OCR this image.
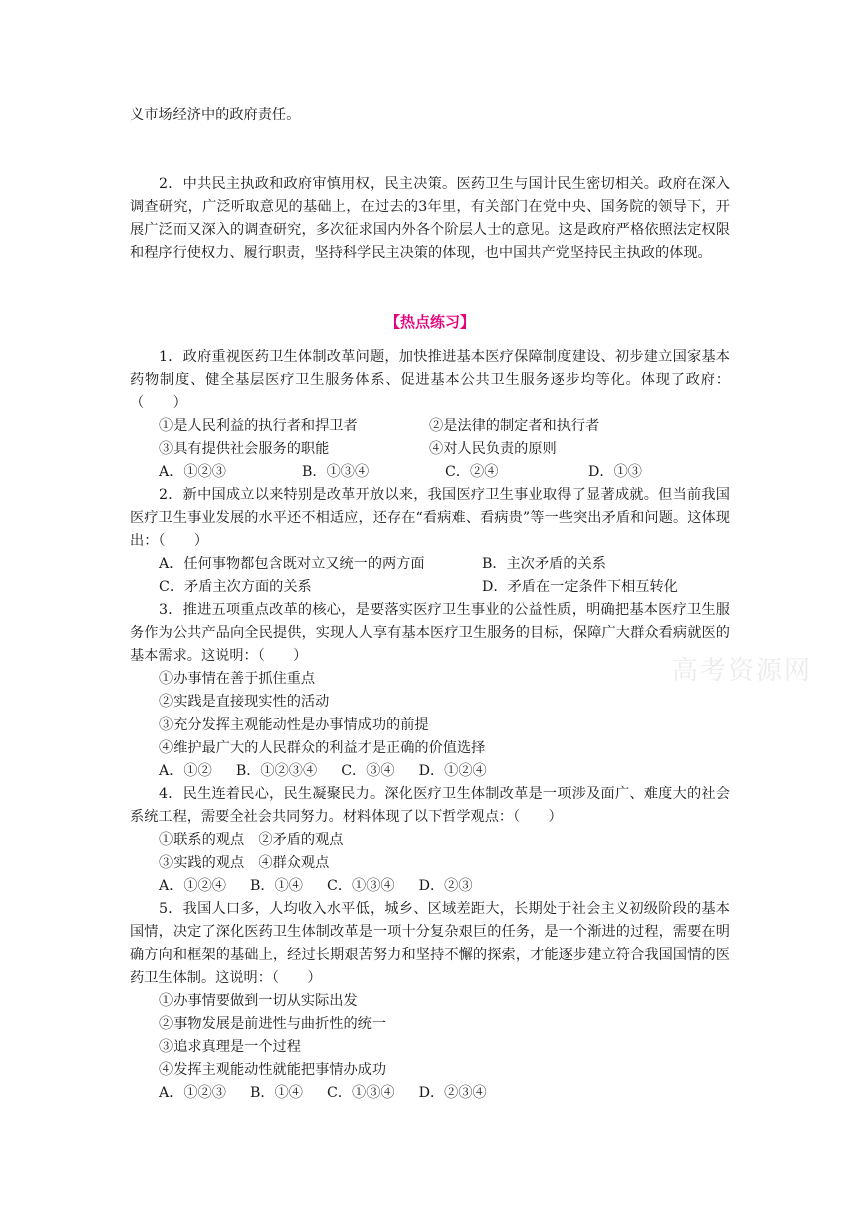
义市场经济中的政府责任。

2．中共民主执政和政府审慎用权，民主决策。医药卫生与国计民生密切相关。政府在深入调查研究，广泛听取意见的基础上，在过去的3年里，有关部门在党中央、国务院的领导下，开展广泛而又深入的调查研究，多次征求国内外各个阶层人士的意见。这是政府严格依照法定权限和程序行使权力、履行职责，坚持科学民主决策的体现，也中国共产党坚持民主执政的体现。

【热点练习】

1．政府重视医药卫生体制改革问题，加快推进基本医疗保障制度建设、初步建立国家基本药物制度、健全基层医疗卫生服务体系、促进基本公共卫生服务逐步均等化。体现了政府：（　　）

①是人民利益的执行者和捍卫者	②是法律的制定者和执行者
③具有提供社会服务的职能	④对人民负责的原则
A．①②③	B．①③④	C．②④	D．①③

2．新中国成立以来特别是改革开放以来，我国医疗卫生事业取得了显著成就。但当前我国医疗卫生事业发展的水平还不相适应，还存在“看病难、看病贵”等一些突出矛盾和问题。这体现出：（　　）

A．任何事物都包含既对立又统一的两方面	B．主次矛盾的关系
C．矛盾主次方面的关系	D．矛盾在一定条件下相互转化

3．推进五项重点改革的核心，是要落实医疗卫生事业的公益性质，明确把基本医疗卫生服务作为公共产品向全民提供，实现人人享有基本医疗卫生服务的目标，保障广大群众看病就医的基本需求。这说明：（　　）

①办事情在善于抓住重点

②实践是直接现实性的活动

③充分发挥主观能动性是办事情成功的前提

④维护最广大的人民群众的利益才是正确的价值选择

A．①② B．①②③④ C．③④ D．①②④

4．民生连着民心，民生凝聚民力。深化医疗卫生体制改革是一项涉及面广、难度大的社会系统工程，需要全社会共同努力。材料体现了以下哲学观点：（　　）

①联系的观点　 ②矛盾的观点
③实践的观点　 ④群众观点
A．①②④ B．①④ C．①③④ D．②③

5．我国人口多，人均收入水平低，城乡、区域差距大，长期处于社会主义初级阶段的基本国情，决定了深化医药卫生体制改革是一项十分复杂艰巨的任务，是一个渐进的过程，需要在明确方向和框架的基础上，经过长期艰苦努力和坚持不懈的探索，才能逐步建立符合我国国情的医药卫生体制。这说明：（　　）

①办事情要做到一切从实际出发

②事物发展是前进性与曲折性的统一

③追求真理是一个过程

④发挥主观能动性就能把事情办成功

A．①②③ B．①④ C．①③④ D．②③④
高考资源网
